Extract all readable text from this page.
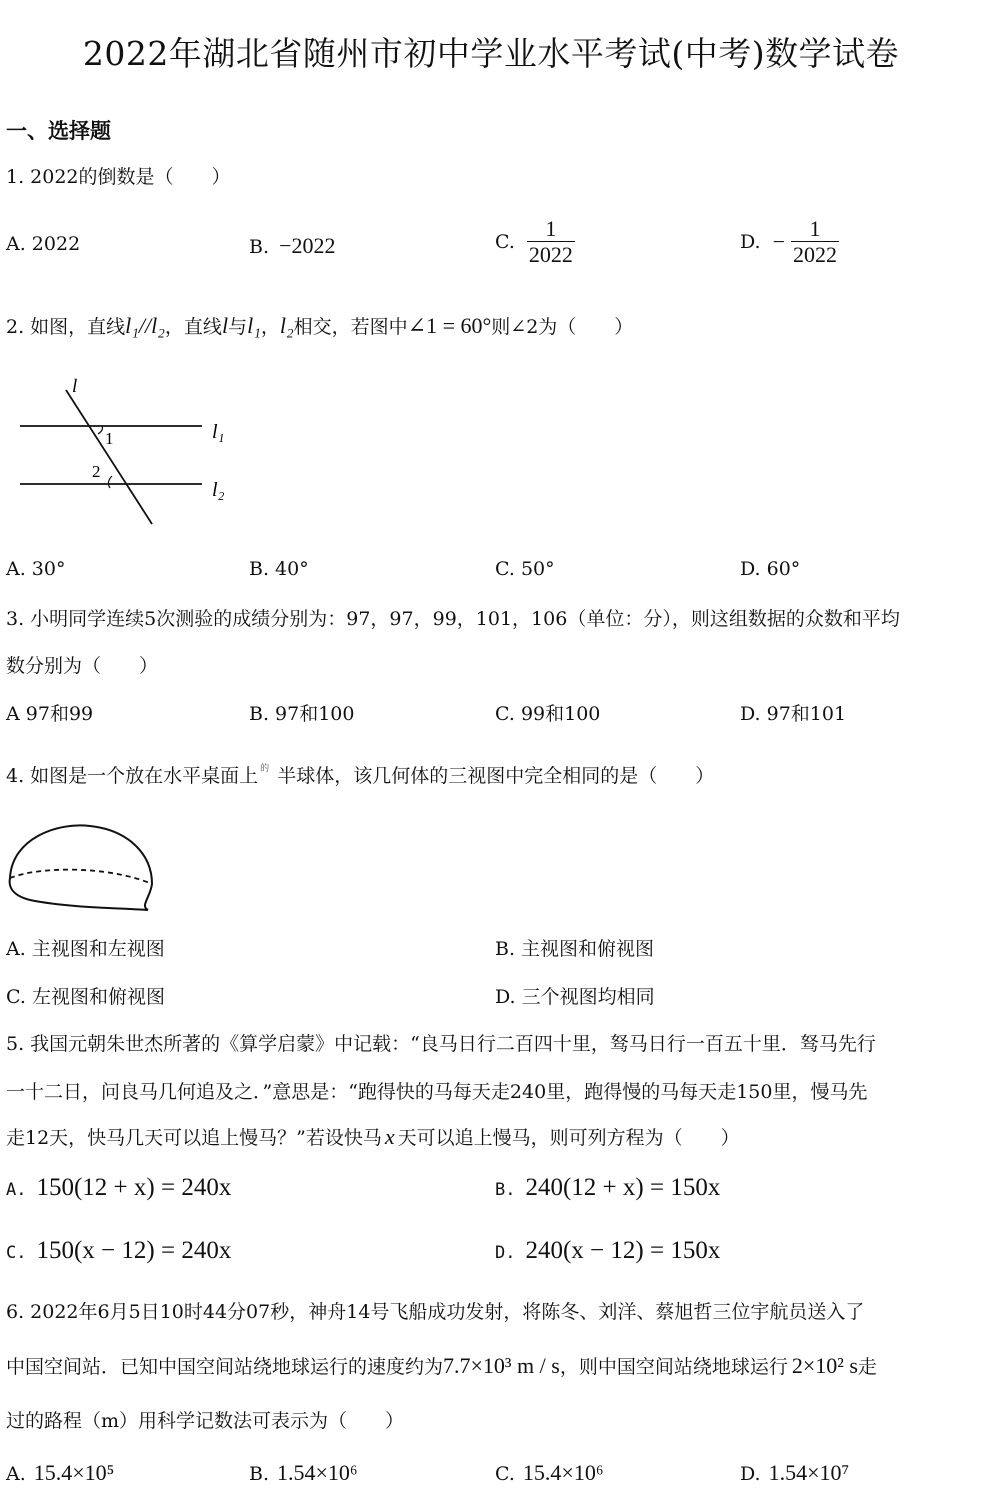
2022年湖北省随州市初中学业水平考试(中考)数学试卷
一、选择题
1. 2022的倒数是（　　）
A. 2022	B. −2022	C. $\frac{1}{2022}$	D. − $\frac{1}{2022}$
2. 如图，直线l₁//l₂，直线l与l₁，l₂相交，若图中∠1 = 60°则∠2为（　　）
l
1
2
l₁
l₂
A. 30°	B. 40°	C. 50°	D. 60°
3. 小明同学连续5次测验的成绩分别为：97，97，99，101，106（单位：分），则这组数据的众数和平均
数分别为（　　）
A 97和99	B. 97和100	C. 99和100	D. 97和101
4. 如图是一个放在水平桌面上 $^的$ 半球体，该几何体的三视图中完全相同的是（　　）
A. 主视图和左视图	B. 主视图和俯视图
C. 左视图和俯视图	D. 三个视图均相同
5. 我国元朝朱世杰所著的《算学启蒙》中记载：“良马日行二百四十里，驽马日行一百五十里．驽马先行
一十二日，问良马几何追及之．”意思是：“跑得快的马每天走240里，跑得慢的马每天走150里，慢马先
走12天，快马几天可以追上慢马？”若设快马 x 天可以追上慢马，则可列方程为（　　）
A. 150(12 + x) = 240x	B. 240(12 + x) = 150x
C. 150(x − 12) = 240x	D. 240(x − 12) = 150x
6. 2022年6月5日10时44分07秒，神舟14号飞船成功发射，将陈冬、刘洋、蔡旭哲三位宇航员送入了
中国空间站．已知中国空间站绕地球运行的速度约为7.7×10³ m / s，则中国空间站绕地球运行 2×10² s走
过的路程（m）用科学记数法可表示为（　　）
A. 15.4×10⁵	B. 1.54×10⁶	C. 15.4×10⁶	D. 1.54×10⁷
